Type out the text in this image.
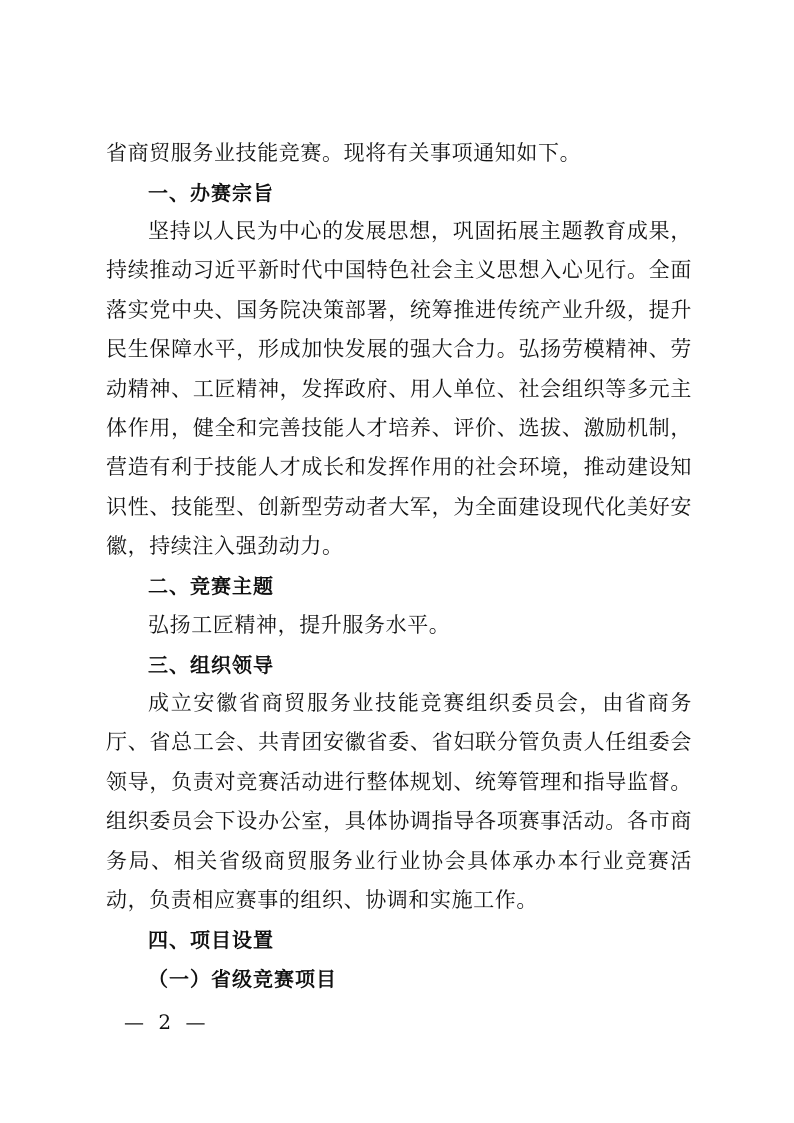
省商贸服务业技能竞赛。现将有关事项通知如下。

一、办赛宗旨

坚持以人民为中心的发展思想，巩固拓展主题教育成果，持续推动习近平新时代中国特色社会主义思想入心见行。全面落实党中央、国务院决策部署，统筹推进传统产业升级，提升民生保障水平，形成加快发展的强大合力。弘扬劳模精神、劳动精神、工匠精神，发挥政府、用人单位、社会组织等多元主体作用，健全和完善技能人才培养、评价、选拔、激励机制，营造有利于技能人才成长和发挥作用的社会环境，推动建设知识性、技能型、创新型劳动者大军，为全面建设现代化美好安徽，持续注入强劲动力。

二、竞赛主题

弘扬工匠精神，提升服务水平。

三、组织领导

成立安徽省商贸服务业技能竞赛组织委员会，由省商务厅、省总工会、共青团安徽省委、省妇联分管负责人任组委会领导，负责对竞赛活动进行整体规划、统筹管理和指导监督。组织委员会下设办公室，具体协调指导各项赛事活动。各市商务局、相关省级商贸服务业行业协会具体承办本行业竞赛活动，负责相应赛事的组织、协调和实施工作。

四、项目设置
（一）省级竞赛项目
— 2 —
